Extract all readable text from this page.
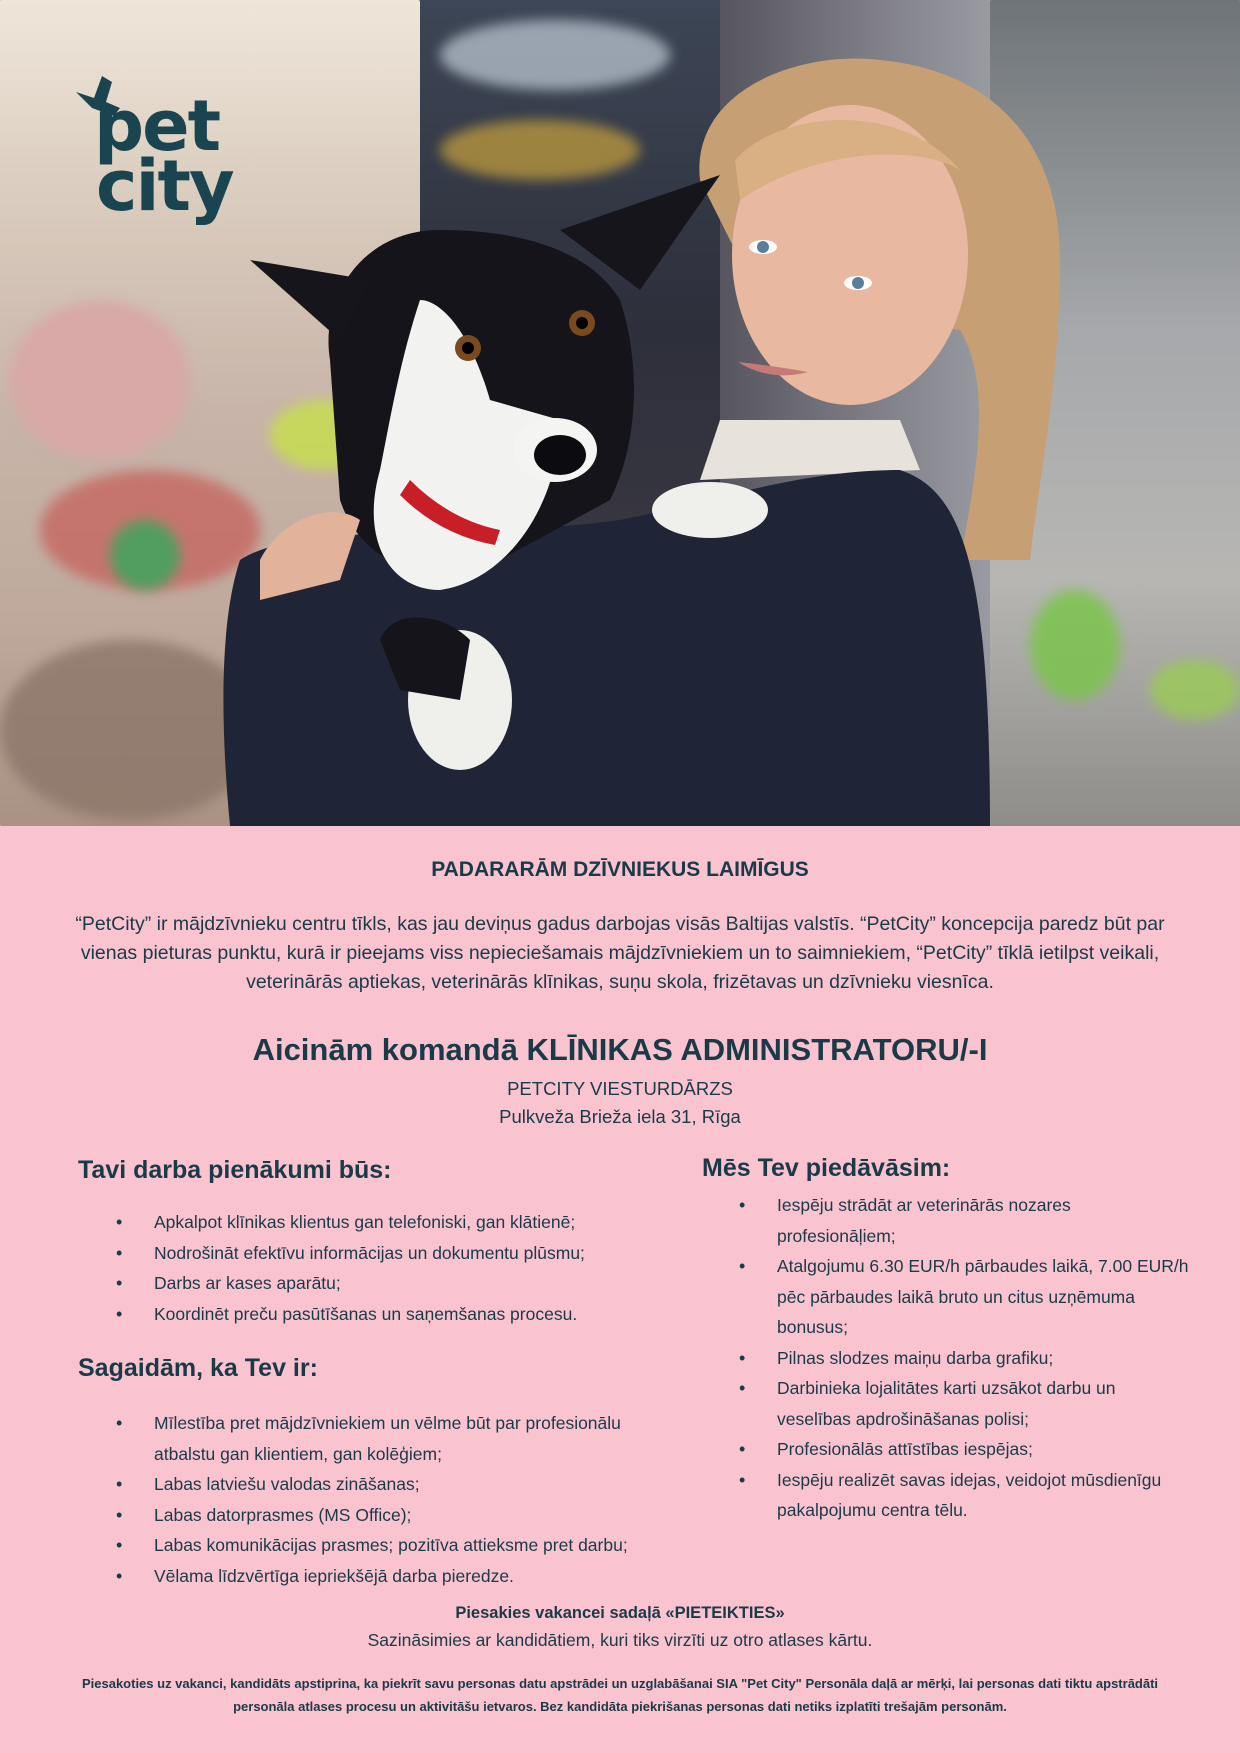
pet
city
PADARARĀM DZĪVNIEKUS LAIMĪGUS

“PetCity” ir mājdzīvnieku centru tīkls, kas jau deviņus gadus darbojas visās Baltijas valstīs. “PetCity” koncepcija paredz būt par vienas pieturas punktu, kurā ir pieejams viss nepieciešamais mājdzīvniekiem un to saimniekiem, “PetCity” tīklā ietilpst veikali, veterinārās aptiekas, veterinārās klīnikas, suņu skola, frizētavas un dzīvnieku viesnīca.

Aicinām komandā KLĪNIKAS ADMINISTRATORU/-I

PETCITY VIESTURDĀRZS

Pulkveža Brieža iela 31, Rīga

Tavi darba pienākumi būs:
• Apkalpot klīnikas klientus gan telefoniski, gan klātienē;
• Nodrošināt efektīvu informācijas un dokumentu plūsmu;
• Darbs ar kases aparātu;
• Koordinēt preču pasūtīšanas un saņemšanas procesu.
Sagaidām, ka Tev ir:
• Mīlestība pret mājdzīvniekiem un vēlme būt par profesionālu atbalstu gan klientiem, gan kolēģiem;
• Labas latviešu valodas zināšanas;
• Labas datorprasmes (MS Office);
• Labas komunikācijas prasmes; pozitīva attieksme pret darbu;
• Vēlama līdzvērtīga iepriekšējā darba pieredze.
Mēs Tev piedāvāsim:
• Iespēju strādāt ar veterinārās nozares profesionāļiem;
• Atalgojumu 6.30 EUR/h pārbaudes laikā, 7.00 EUR/h pēc pārbaudes laikā bruto un citus uzņēmuma bonusus;
• Pilnas slodzes maiņu darba grafiku;
• Darbinieka lojalitātes karti uzsākot darbu un veselības apdrošināšanas polisi;
• Profesionālās attīstības iespējas;
• Iespēju realizēt savas idejas, veidojot mūsdienīgu pakalpojumu centra tēlu.

Piesakies vakancei sadaļā «PIETEIKTIES»

Sazināsimies ar kandidātiem, kuri tiks virzīti uz otro atlases kārtu.

Piesakoties uz vakanci, kandidāts apstiprina, ka piekrīt savu personas datu apstrādei un uzglabāšanai SIA "Pet City" Personāla daļā ar mērķi, lai personas dati tiktu apstrādāti personāla atlases procesu un aktivitāšu ietvaros. Bez kandidāta piekrišanas personas dati netiks izplatīti trešajām personām.
